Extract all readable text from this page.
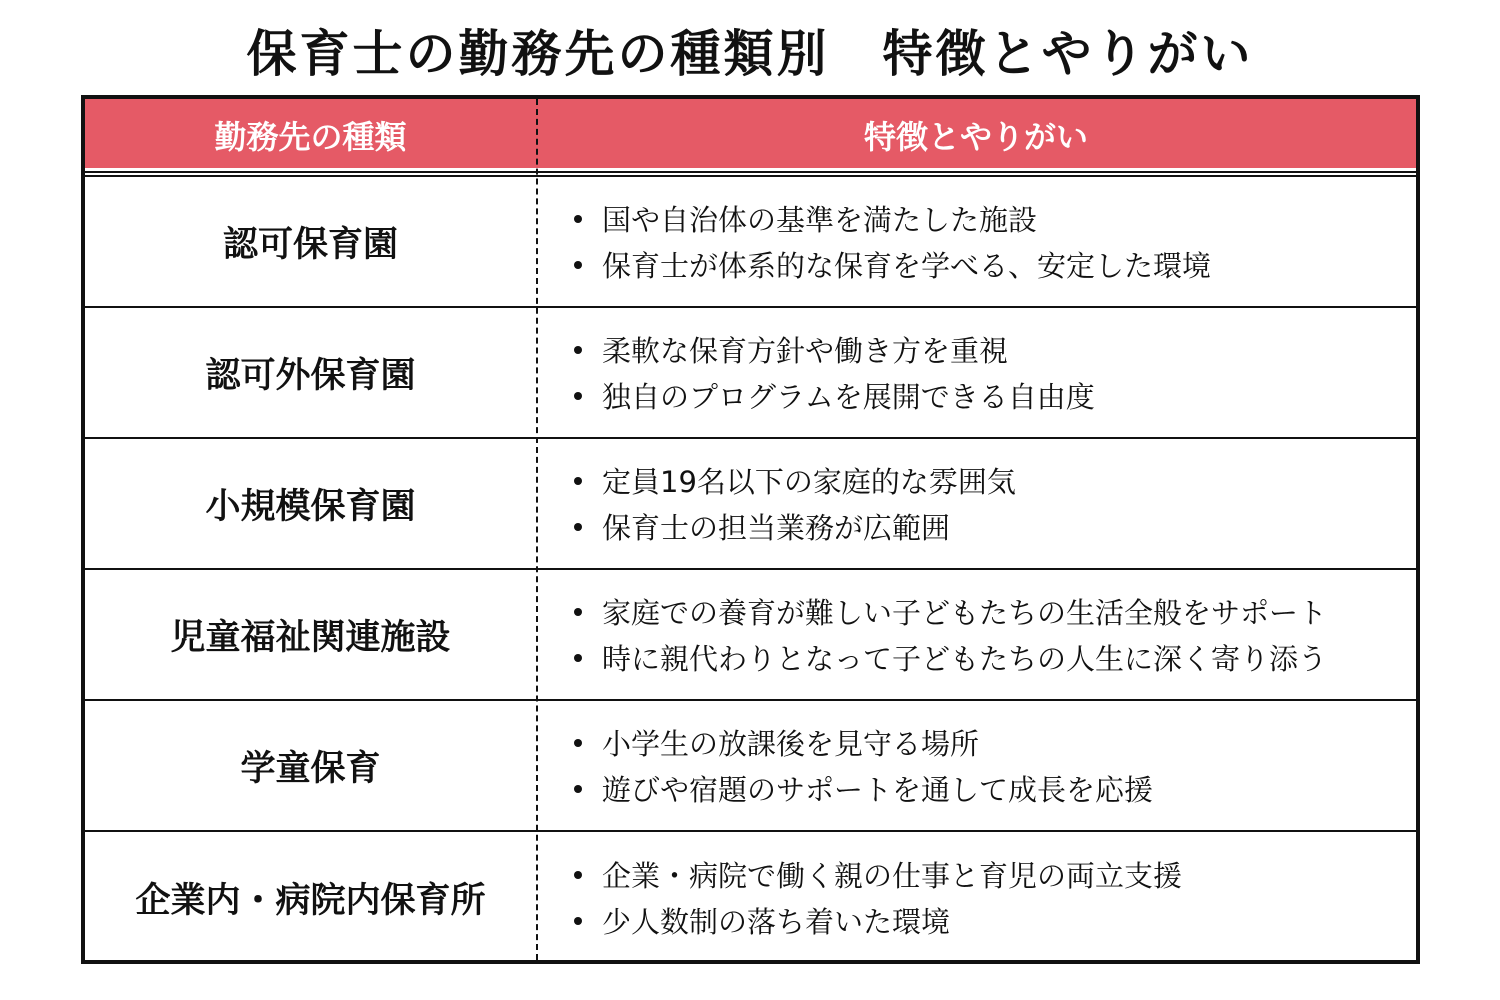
保育士の勤務先の種類別　特徴とやりがい
勤務先の種類	特徴とやりがい
認可保育園
国や自治体の基準を満たした施設
保育士が体系的な保育を学べる、安定した環境
認可外保育園
柔軟な保育方針や働き方を重視
独自のプログラムを展開できる自由度
小規模保育園
定員19名以下の家庭的な雰囲気
保育士の担当業務が広範囲
児童福祉関連施設
家庭での養育が難しい子どもたちの生活全般をサポート
時に親代わりとなって子どもたちの人生に深く寄り添う
学童保育
小学生の放課後を見守る場所
遊びや宿題のサポートを通して成長を応援
企業内・病院内保育所
企業・病院で働く親の仕事と育児の両立支援
少人数制の落ち着いた環境
